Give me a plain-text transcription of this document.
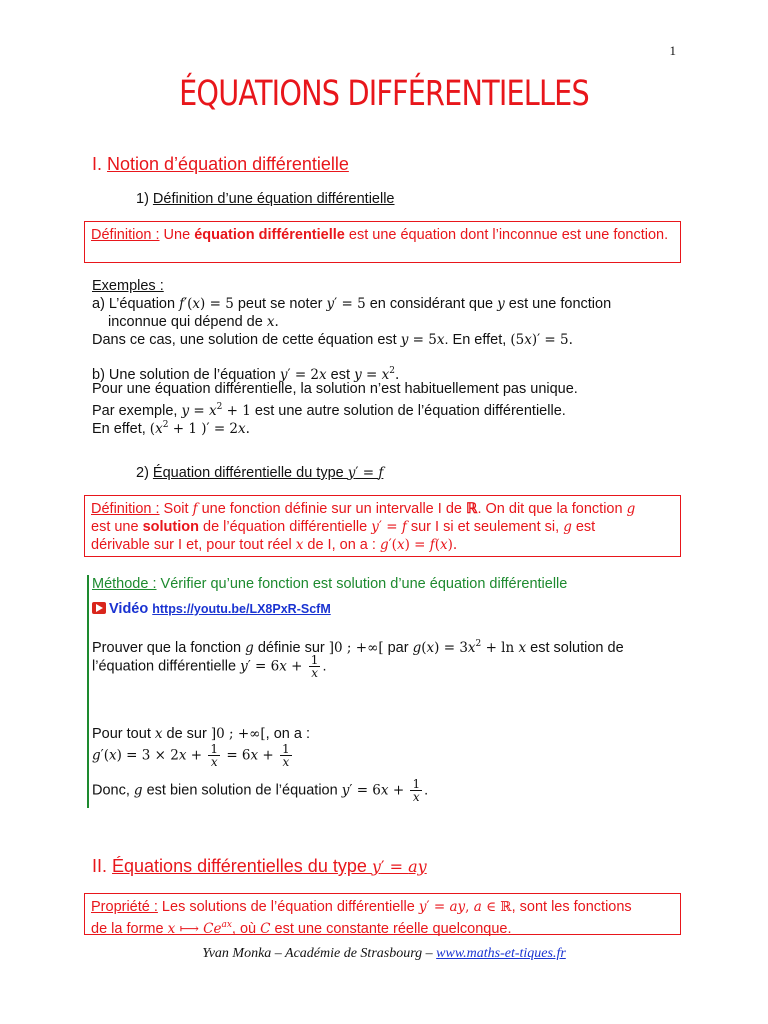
1
ÉQUATIONS DIFFÉRENTIELLES
I. Notion d’équation différentielle
1) Définition d’une équation différentielle
Définition : Une équation différentielle est une équation dont l’inconnue est une fonction.
Exemples :
a) L’équation f′(x) = 5 peut se noter y′ = 5 en considérant que y est une fonction
inconnue qui dépend de x.
Dans ce cas, une solution de cette équation est y = 5x. En effet, (5x)′ = 5.
b) Une solution de l’équation y′ = 2x est $y = x^2$.
Pour une équation différentielle, la solution n’est habituellement pas unique.
Par exemple, $y = x^2 + 1$ est une autre solution de l’équation différentielle.
En effet, ($x^2 + 1$ )′ = 2x.
2) Équation différentielle du type y′ = f
Définition : Soit f une fonction définie sur un intervalle I de ℝ. On dit que la fonction g
est une solution de l’équation différentielle y′ = f sur I si et seulement si, g est
dérivable sur I et, pour tout réel x de I, on a : g′(x) = f(x).
Méthode : Vérifier qu’une fonction est solution d’une équation différentielle
Vidéo https://youtu.be/LX8PxR-ScfM
Prouver que la fonction g définie sur ]0 ; +∞[ par $g(x) = 3x^2 + \ln x$ est solution de
l’équation différentielle $y' = 6x + \frac{1}{x}$ .
Pour tout x de sur ]0 ; +∞[, on a :
$g'(x) = 3 \times 2x + \frac{1}{x} = 6x + \frac{1}{x}$
Donc, g est bien solution de l’équation $y' = 6x + \frac{1}{x}$ .
II. Équations différentielles du type y′ = ay
Propriété : Les solutions de l’équation différentielle y′ = ay, a ∈ ℝ, sont les fonctions
de la forme x ⟼ $Ce^{ax}$, où C est une constante réelle quelconque.
Yvan Monka – Académie de Strasbourg – www.maths-et-tiques.fr
